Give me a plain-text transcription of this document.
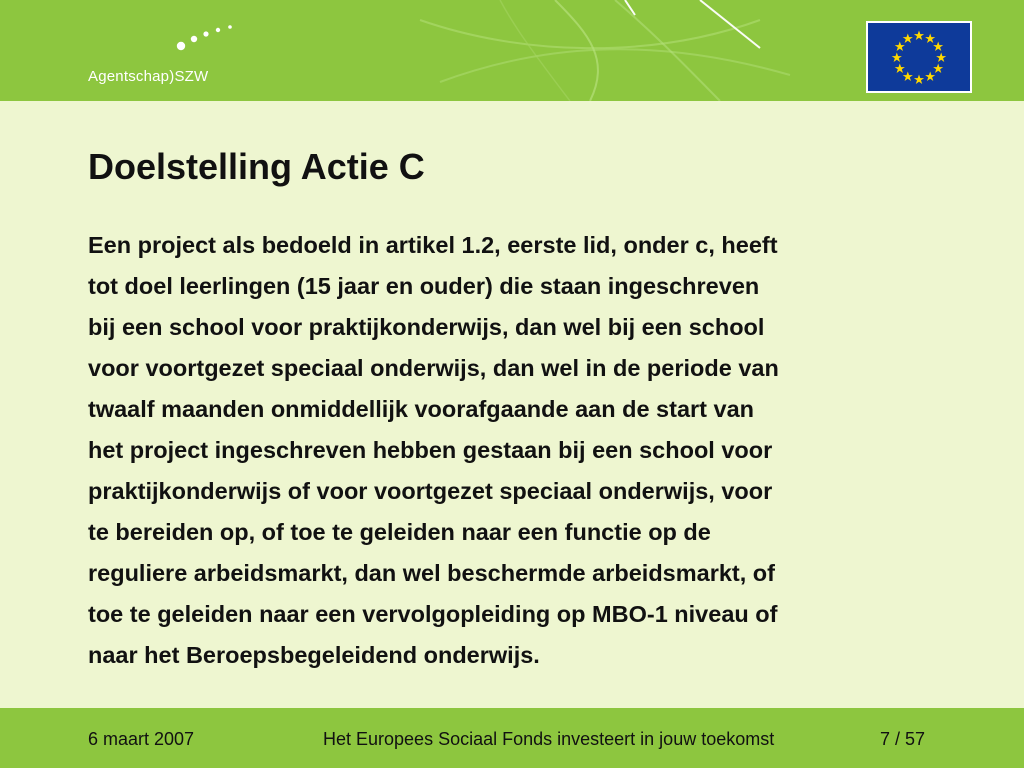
Agentschap)SZW
Doelstelling Actie C
Een project als bedoeld in artikel 1.2, eerste lid, onder c, heeft
tot doel leerlingen (15 jaar en ouder) die staan ingeschreven
bij een school voor praktijkonderwijs, dan wel bij een school
voor voortgezet speciaal onderwijs, dan wel in de periode van
twaalf maanden onmiddellijk voorafgaande aan de start van
het project ingeschreven hebben gestaan bij een school voor
praktijkonderwijs of voor voortgezet speciaal onderwijs, voor
te bereiden op, of toe te geleiden naar een functie op de
reguliere arbeidsmarkt, dan wel beschermde arbeidsmarkt, of
toe te geleiden naar een vervolgopleiding op MBO-1 niveau of
naar het Beroepsbegeleidend onderwijs.
6 maart 2007	Het Europees Sociaal Fonds investeert in jouw toekomst	7 / 57
